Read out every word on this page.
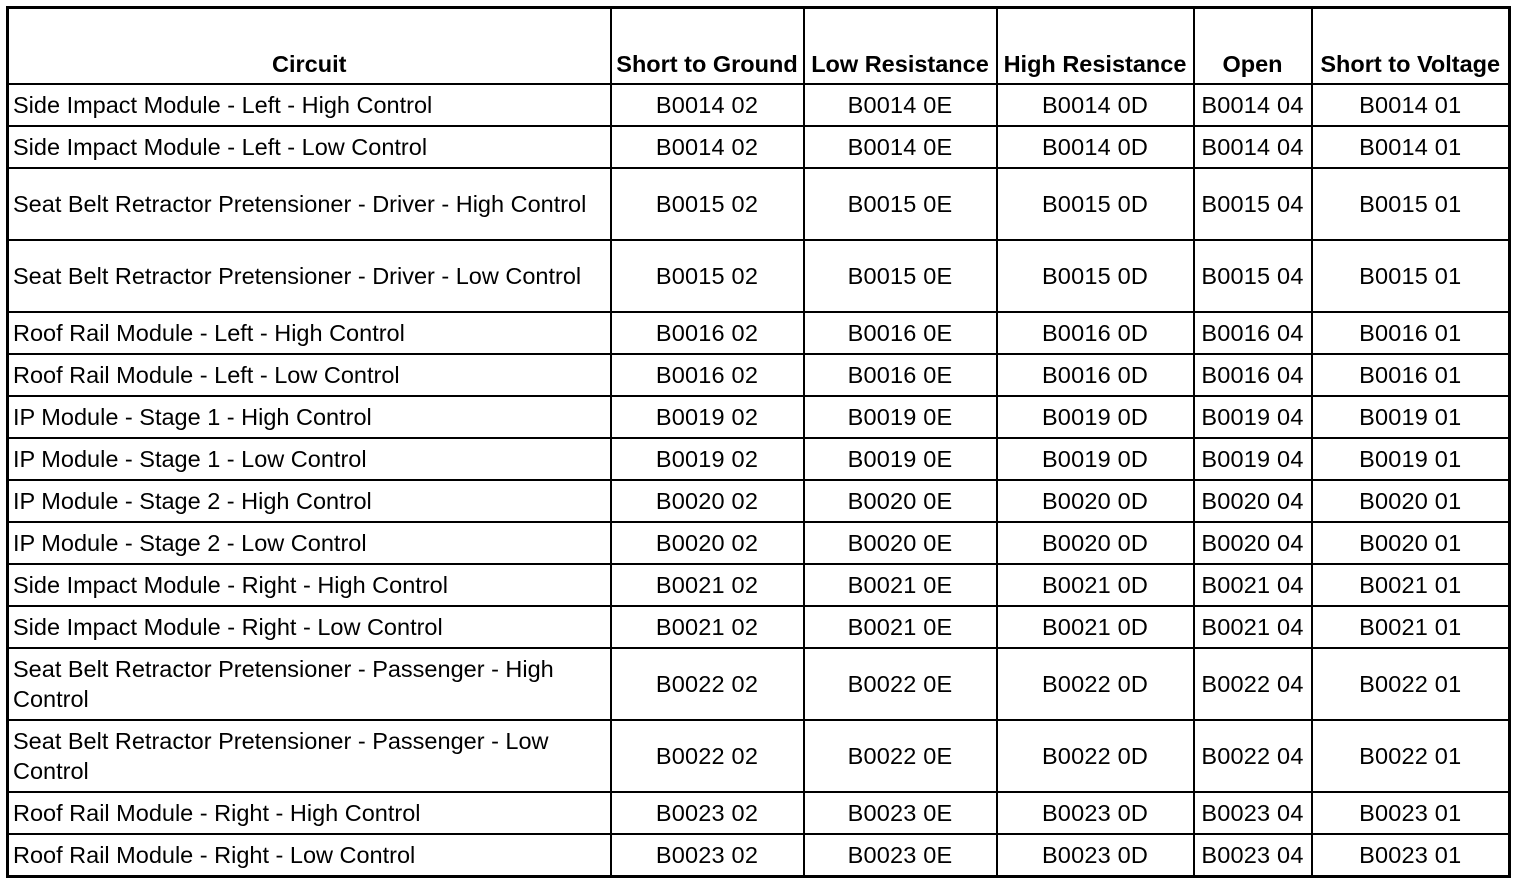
Circuit	Short to Ground	Low Resistance	High Resistance	Open	Short to Voltage
Side Impact Module - Left - High Control	B0014 02	B0014 0E	B0014 0D	B0014 04	B0014 01
Side Impact Module - Left - Low Control	B0014 02	B0014 0E	B0014 0D	B0014 04	B0014 01
Seat Belt Retractor Pretensioner - Driver - High Control	B0015 02	B0015 0E	B0015 0D	B0015 04	B0015 01
Seat Belt Retractor Pretensioner - Driver - Low Control	B0015 02	B0015 0E	B0015 0D	B0015 04	B0015 01
Roof Rail Module - Left - High Control	B0016 02	B0016 0E	B0016 0D	B0016 04	B0016 01
Roof Rail Module - Left - Low Control	B0016 02	B0016 0E	B0016 0D	B0016 04	B0016 01
IP Module - Stage 1 - High Control	B0019 02	B0019 0E	B0019 0D	B0019 04	B0019 01
IP Module - Stage 1 - Low Control	B0019 02	B0019 0E	B0019 0D	B0019 04	B0019 01
IP Module - Stage 2 - High Control	B0020 02	B0020 0E	B0020 0D	B0020 04	B0020 01
IP Module - Stage 2 - Low Control	B0020 02	B0020 0E	B0020 0D	B0020 04	B0020 01
Side Impact Module - Right - High Control	B0021 02	B0021 0E	B0021 0D	B0021 04	B0021 01
Side Impact Module - Right - Low Control	B0021 02	B0021 0E	B0021 0D	B0021 04	B0021 01
Seat Belt Retractor Pretensioner - Passenger - High Control	B0022 02	B0022 0E	B0022 0D	B0022 04	B0022 01
Seat Belt Retractor Pretensioner - Passenger - Low Control	B0022 02	B0022 0E	B0022 0D	B0022 04	B0022 01
Roof Rail Module - Right - High Control	B0023 02	B0023 0E	B0023 0D	B0023 04	B0023 01
Roof Rail Module - Right - Low Control	B0023 02	B0023 0E	B0023 0D	B0023 04	B0023 01
